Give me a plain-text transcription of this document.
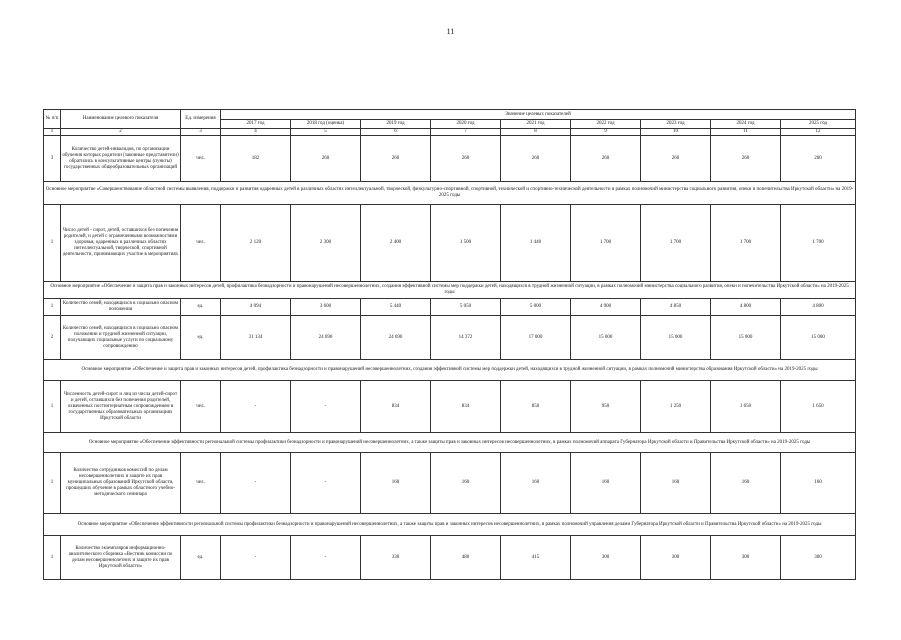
11
№ п/п	Наименование целевого показателя	Ед. измерения	Значение целевых показателей								
			2017 год	2018 год (оценка)	2019 год	2020 год	2021 год	2022 год	2023 год	2024 год	2025 год
1	2	3	4	5	6	7	8	9	10	11	12
3	Количество детей-инвалидов, по организации обучения которых родители (законные представители) обратились в консультативные центры (пункты) государственных общеобразовательных организаций	чел.	182	260	260	260	260	260	260	260	260
Основное мероприятие «Совершенствование областной системы выявления, поддержки и развития одаренных детей в различных областях интеллектуальной, творческой, физкультурно-спортивной, спортивной, технической и спортивно-технической деятельности в рамках полномочий министерства социального развития, опеки и попечительства Иркутской области» на 2019-2025 годы											
1	Число детей - сирот, детей, оставшихся без попечения родителей, и детей с ограниченными возможностями здоровья, одаренных в различных областях интеллектуальной, творческой, спортивной деятельности, принимающих участие в мероприятиях	чел.	2 120	2 300	2 400	1 500	1 440	1 700	1 700	1 700	1 700
Основное мероприятие «Обеспечение и защита прав и законных интересов детей, профилактика безнадзорности и правонарушений несовершеннолетних, создания эффективной системы мер поддержки детей, находящихся в трудной жизненной ситуации, в рамках полномочий министерства социального развития, опеки и попечительства Иркутской области» на 2019-2025 годы											
1	Количество семей, находящихся в социально опасном положении	ед.	4 094	3 600	5 440	5 050	5 000	4 900	4 850	4 800	4 800
2	Количество семей, находящихся в социально опасном положении и трудной жизненной ситуации, получающих социальные услуги по социальному сопровождению	ед.	31 134	24 690	24 690	14 372	17 000	15 000	15 000	15 000	15 000
Основное мероприятие «Обеспечение и защита прав и законных интересов детей, профилактика безнадзорности и правонарушений несовершеннолетних, создания эффективной системы мер поддержки детей, находящихся в трудной жизненной ситуации, в рамках полномочий министерства образования Иркутской области» на 2019-2025 годы											
1	Численность детей-сирот и лиц из числа детей-сирот и детей, оставшихся без попечения родителей, охваченных постинтернатным сопровождением в государственных образовательных организациях Иркутской области	чел.	-	-	834	834	850	950	1 250	1 650	1 650
Основное мероприятие «Обеспечение эффективности региональной системы профилактики безнадзорности и правонарушений несовершеннолетних, а также защиты прав и законных интересов несовершеннолетних, в рамках полномочий аппарата Губернатора Иркутской области и Правительства Иркутской области» на 2019-2025 годы											
1	Количество сотрудников комиссий по делам несовершеннолетних и защите их прав муниципальных образований Иркутской области, прошедших обучение в рамках областного учебно-методического семинара	чел.	-	-	160	160	160	160	160	160	160
Основное мероприятие «Обеспечение эффективности региональной системы профилактики безнадзорности и правонарушений несовершеннолетних, а также защиты прав и законных интересов несовершеннолетних, в рамках полномочий управления делами Губернатора Иркутской области и Правительства Иркутской области» на 2019-2025 годы											
1	Количество экземпляров информационно-аналитического сборника «Вестник комиссии по делам несовершеннолетних и защите их прав Иркутской области»	ед.	-	-	330	480	415	300	300	300	300
